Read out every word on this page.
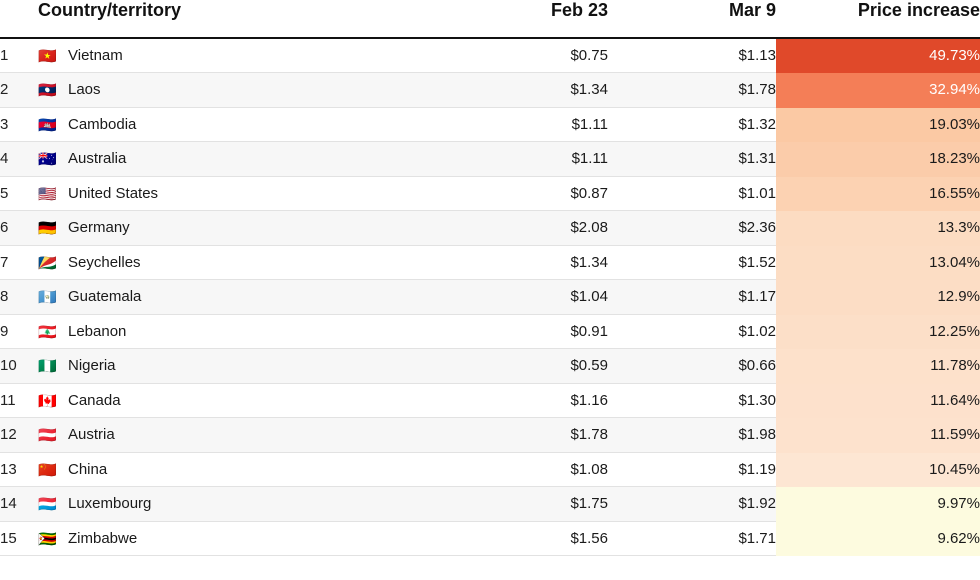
	Country/territory	Feb 23	Mar 9	Price increase
1	🇻🇳 Vietnam	$0.75	$1.13	49.73%
2	🇱🇦 Laos	$1.34	$1.78	32.94%
3	🇰🇭 Cambodia	$1.11	$1.32	19.03%
4	🇦🇺 Australia	$1.11	$1.31	18.23%
5	🇺🇸 United States	$0.87	$1.01	16.55%
6	🇩🇪 Germany	$2.08	$2.36	13.3%
7	🇸🇨 Seychelles	$1.34	$1.52	13.04%
8	🇬🇹 Guatemala	$1.04	$1.17	12.9%
9	🇱🇧 Lebanon	$0.91	$1.02	12.25%
10	🇳🇬 Nigeria	$0.59	$0.66	11.78%
11	🇨🇦 Canada	$1.16	$1.30	11.64%
12	🇦🇹 Austria	$1.78	$1.98	11.59%
13	🇨🇳 China	$1.08	$1.19	10.45%
14	🇱🇺 Luxembourg	$1.75	$1.92	9.97%
15	🇿🇼 Zimbabwe	$1.56	$1.71	9.62%
